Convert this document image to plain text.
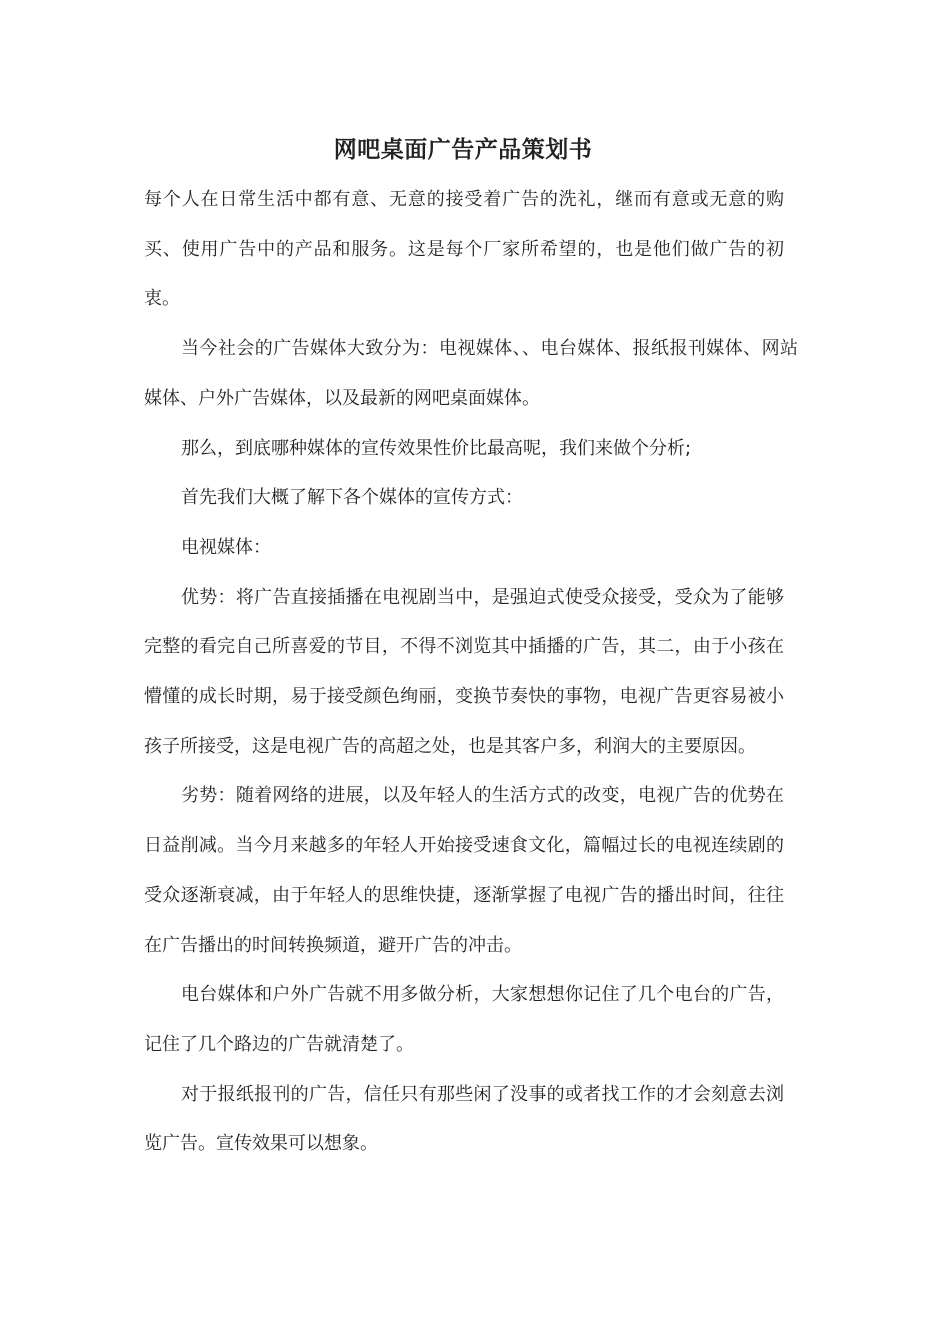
网吧桌面广告产品策划书

每个人在日常生活中都有意、无意的接受着广告的洗礼，继而有意或无意的购买、使用广告中的产品和服务。这是每个厂家所希望的，也是他们做广告的初衷。

当今社会的广告媒体大致分为：电视媒体、、电台媒体、报纸报刊媒体、网站媒体、户外广告媒体，以及最新的网吧桌面媒体。

那么，到底哪种媒体的宣传效果性价比最高呢，我们来做个分析;

首先我们大概了解下各个媒体的宣传方式：

电视媒体：

优势：将广告直接插播在电视剧当中，是强迫式使受众接受，受众为了能够完整的看完自己所喜爱的节目，不得不浏览其中插播的广告，其二，由于小孩在懵懂的成长时期，易于接受颜色绚丽，变换节奏快的事物，电视广告更容易被小孩子所接受，这是电视广告的高超之处，也是其客户多，利润大的主要原因。

劣势：随着网络的进展，以及年轻人的生活方式的改变，电视广告的优势在日益削减。当今月来越多的年轻人开始接受速食文化，篇幅过长的电视连续剧的受众逐渐衰减，由于年轻人的思维快捷，逐渐掌握了电视广告的播出时间，往往在广告播出的时间转换频道，避开广告的冲击。

电台媒体和户外广告就不用多做分析，大家想想你记住了几个电台的广告，记住了几个路边的广告就清楚了。

对于报纸报刊的广告，信任只有那些闲了没事的或者找工作的才会刻意去浏览广告。宣传效果可以想象。
